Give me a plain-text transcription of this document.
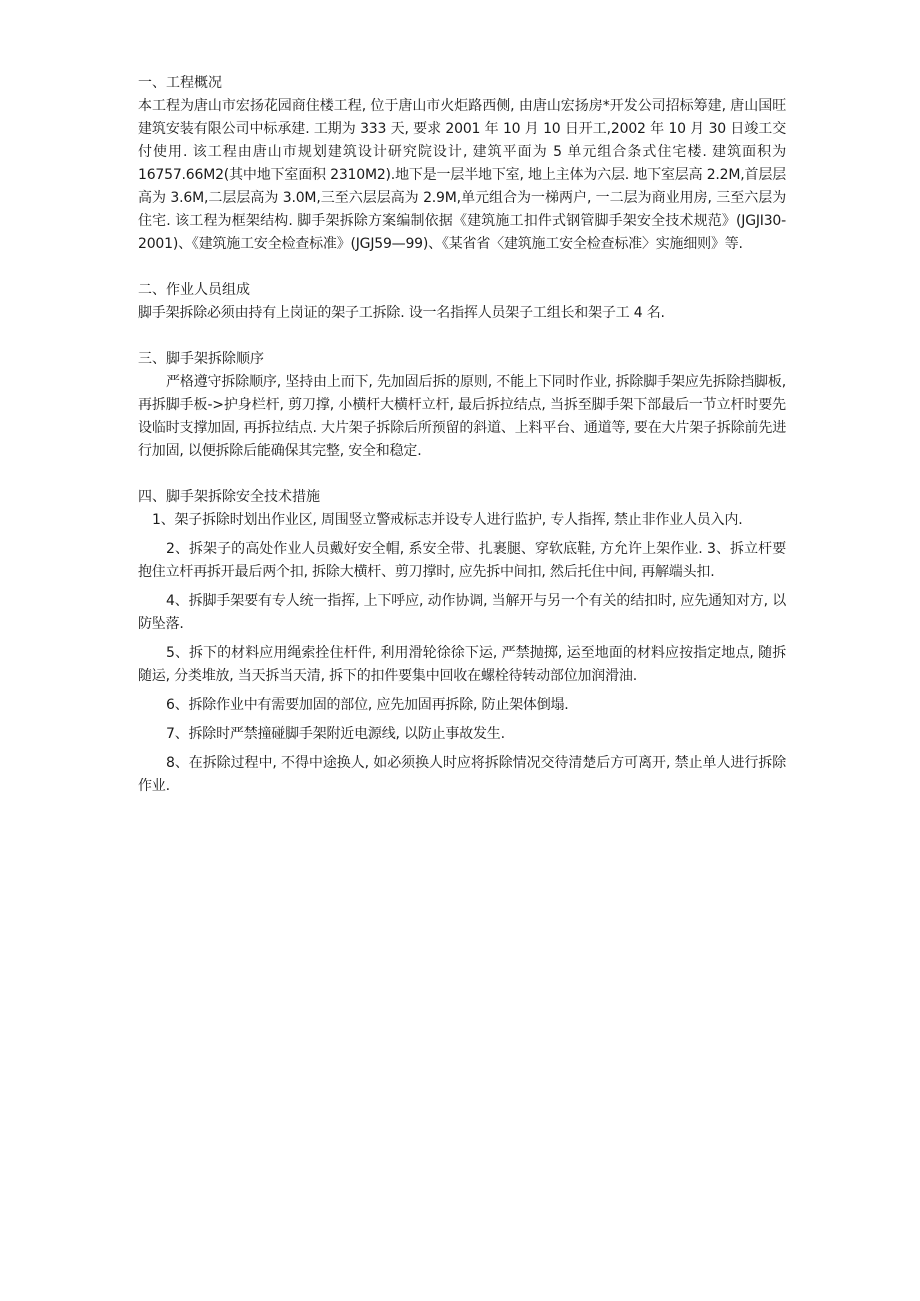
一、工程概况

本工程为唐山市宏扬花园商住楼工程, 位于唐山市火炬路西侧, 由唐山宏扬房*开发公司招标筹建, 唐山国旺建筑安装有限公司中标承建. 工期为 333 天, 要求 2001 年 10 月 10 日开工,2002 年 10 月 30 日竣工交付使用. 该工程由唐山市规划建筑设计研究院设计, 建筑平面为 5 单元组合条式住宅楼. 建筑面积为 16757.66M2(其中地下室面积 2310M2).地下是一层半地下室, 地上主体为六层. 地下室层高 2.2M,首层层高为 3.6M,二层层高为 3.0M,三至六层层高为 2.9M,单元组合为一梯两户, 一二层为商业用房, 三至六层为住宅. 该工程为框架结构. 脚手架拆除方案编制依据《建筑施工扣件式钢管脚手架安全技术规范》(JGJI30-2001)、《建筑施工安全检查标准》(JGJ59—99)、《某省省〈建筑施工安全检查标准〉实施细则》等.

二、作业人员组成

脚手架拆除必须由持有上岗证的架子工拆除. 设一名指挥人员架子工组长和架子工 4 名.

三、脚手架拆除顺序

严格遵守拆除顺序, 坚持由上而下, 先加固后拆的原则, 不能上下同时作业, 拆除脚手架应先拆除挡脚板, 再拆脚手板->护身栏杆, 剪刀撑, 小横杆大横杆立杆, 最后拆拉结点, 当拆至脚手架下部最后一节立杆时要先设临时支撑加固, 再拆拉结点. 大片架子拆除后所预留的斜道、上料平台、通道等, 要在大片架子拆除前先进行加固, 以便拆除后能确保其完整, 安全和稳定.

四、脚手架拆除安全技术措施

1、架子拆除时划出作业区, 周围竖立警戒标志并设专人进行监护, 专人指挥, 禁止非作业人员入内.

2、拆架子的高处作业人员戴好安全帽, 系安全带、扎裹腿、穿软底鞋, 方允许上架作业. 3、拆立杆要抱住立杆再拆开最后两个扣, 拆除大横杆、剪刀撑时, 应先拆中间扣, 然后托住中间, 再解端头扣.

4、拆脚手架要有专人统一指挥, 上下呼应, 动作协调, 当解开与另一个有关的结扣时, 应先通知对方, 以防坠落.

5、拆下的材料应用绳索拴住杆件, 利用滑轮徐徐下运, 严禁抛掷, 运至地面的材料应按指定地点, 随拆随运, 分类堆放, 当天拆当天清, 拆下的扣件要集中回收在螺栓待转动部位加润滑油.

6、拆除作业中有需要加固的部位, 应先加固再拆除, 防止架体倒塌.

7、拆除时严禁撞碰脚手架附近电源线, 以防止事故发生.

8、在拆除过程中, 不得中途换人, 如必须换人时应将拆除情况交待清楚后方可离开, 禁止单人进行拆除作业.
